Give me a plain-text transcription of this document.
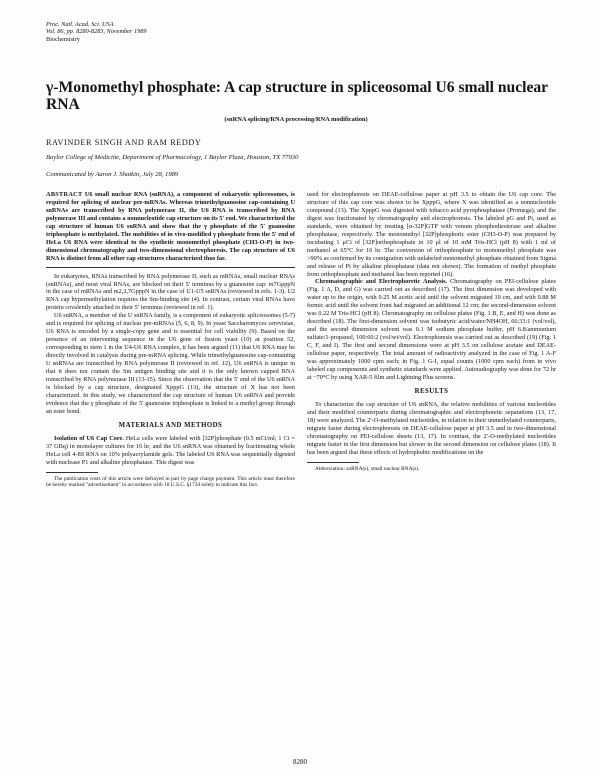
Proc. Natl. Acad. Sci. USA
Vol. 86, pp. 8280-8283, November 1989
Biochemistry
γ-Monomethyl phosphate: A cap structure in spliceosomal U6 small nuclear RNA
(snRNA splicing/RNA processing/RNA modification)
RAVINDER SINGH AND RAM REDDY
Baylor College of Medicine, Department of Pharmacology, 1 Baylor Plaza, Houston, TX 77030
Communicated by Aaron J. Shatkin, July 28, 1989

ABSTRACT U6 small nuclear RNA (snRNA), a component of eukaryotic spliceosomes, is required for splicing of nuclear pre-mRNAs. Whereas trimethylguanosine cap-containing U snRNAs are transcribed by RNA polymerase II, the U6 RNA is transcribed by RNA polymerase III and contains a nonnucleotide cap structure on its 5′ end. We characterized the cap structure of human U6 snRNA and show that the γ phosphate of the 5′ guanosine triphosphate is methylated. The mobilities of in vivo-modified γ phosphate from the 5′ end of HeLa U6 RNA were identical to the synthetic monomethyl phosphate (CH3-O-P) in two-dimensional chromatography and two-dimensional electrophoresis. The cap structure of U6 RNA is distinct from all other cap structures characterized thus far.

In eukaryotes, RNAs transcribed by RNA polymerase II, such as mRNAs, small nuclear RNAs (snRNAs), and most viral RNAs, are blocked on their 5′ terminus by a guanosine cap: m7GpppN in the case of mRNAs and m2,2,7GpppN in the case of U1-U5 snRNAs (reviewed in refs. 1-3). U2 RNA cap hypermethylation requires the Sm-binding site (4). In contrast, certain viral RNAs have protein covalently attached to their 5′ terminus (reviewed in ref. 1).

U6 snRNA, a member of the U snRNA family, is a component of eukaryotic spliceosomes (5-7) and is required for splicing of nuclear pre-mRNAs (5, 6, 8, 9). In yeast Saccharomyces cerevisiae, U6 RNA is encoded by a single-copy gene and is essential for cell viability (9). Based on the presence of an intervening sequence in the U6 gene of fission yeast (10) at position 52, corresponding to stem 1 in the U4-U6 RNA complex, it has been argued (11) that U6 RNA may be directly involved in catalysis during pre-mRNA splicing. While trimethylguanosine cap-containing U snRNAs are transcribed by RNA polymerase II (reviewed in ref. 12), U6 snRNA is unique in that it does not contain the Sm antigen binding site and it is the only known capped RNA transcribed by RNA polymerase III (13-15). Since the observation that the 5′ end of the U6 snRNA is blocked by a cap structure, designated XpppG (13), the structure of X has not been characterized. In this study, we characterized the cap structure of human U6 snRNA and provide evidence that the γ phosphate of the 5′ guanosine triphosphate is linked to a methyl group through an ester bond.

MATERIALS AND METHODS

Isolation of U6 Cap Core. HeLa cells were labeled with [32P]phosphate (0.5 mCi/ml; 1 Ci = 37 GBq) in monolayer cultures for 16 hr, and the U6 snRNA was obtained by fractionating whole HeLa cell 4-8S RNA on 10% polyacrylamide gels. The labeled U6 RNA was sequentially digested with nuclease P1 and alkaline phosphatase. This digest was

The publication costs of this article were defrayed in part by page charge payment. This article must therefore be hereby marked "advertisement" in accordance with 18 U.S.C. §1734 solely to indicate this fact.

used for electrophoresis on DEAE-cellulose paper at pH 3.5 to obtain the U6 cap core. The structure of this cap core was shown to be XpppG, where X was identified as a nonnucleotide compound (13). The XpppG was digested with tobacco acid pyrophosphatase (Promega), and the digest was fractionated by chromatography and electrophoresis. The labeled pG and Pi, used as standards, were obtained by treating [α-32P]GTP with venom phosphodiesterase and alkaline phosphatase, respectively. The monomethyl [32P]phosphoric ester (CH3-O-P) was prepared by incubating 1 μCi of [32P]orthophosphate in 10 μl of 10 mM Tris-HCl (pH 8) with 1 ml of methanol at 65°C for 16 hr. The conversion of orthophosphate to monomethyl phosphate was >90% as confirmed by its comigration with unlabeled monomethyl phosphate obtained from Sigma and release of Pi by alkaline phosphatase (data not shown). The formation of methyl phosphate from orthophosphate and methanol has been reported (16).

Chromatographic and Electrophoretic Analysis. Chromatography on PEI-cellulose plates (Fig. 1 A, D, and G) was carried out as described (17). The first dimension was developed with water up to the origin, with 0.25 M acetic acid until the solvent migrated 10 cm, and with 0.88 M formic acid until the solvent front had migrated an additional 12 cm; the second-dimension solvent was 0.22 M Tris-HCl (pH 8). Chromatography on cellulose plates (Fig. 1 B, E, and H) was done as described (18). The first-dimension solvent was isobutyric acid/water/NH4OH, 66:33:1 (vol/vol), and the second dimension solvent was 0.1 M sodium phosphate buffer, pH 6.8/ammonium sulfate/1-propanol, 100:60:2 (vol/wt/vol). Electrophoresis was carried out as described (19) (Fig. 1 C, F, and I). The first and second dimensions were at pH 3.5 on cellulose acetate and DEAE-cellulose paper, respectively. The total amount of radioactivity analyzed in the case of Fig. 1 A-F was approximately 1000 cpm each; in Fig. 1 G-I, equal counts (1000 cpm each) from in vivo labeled cap components and synthetic standards were applied. Autoradiography was done for 72 hr at −70°C by using XAR-5 film and Lightning Plus screens.

RESULTS

To characterize the cap structure of U6 snRNA, the relative mobilities of various nucleotides and their modified counterparts during chromatographic and electrophoretic separations (13, 17, 18) were analyzed. The 2′-O-methylated nucleotides, in relation to their unmethylated counterparts, migrate faster during electrophoresis on DEAE-cellulose paper at pH 3.5 and in two-dimensional chromatography on PEI-cellulose sheets (13, 17). In contrast, the 2′-O-methylated nucleotides migrate faster in the first dimension but slower in the second dimension on cellulose plates (18). It has been argued that these effects of hydrophobic modifications on the

Abbreviation: snRNA(s), small nuclear RNA(s).

8280
